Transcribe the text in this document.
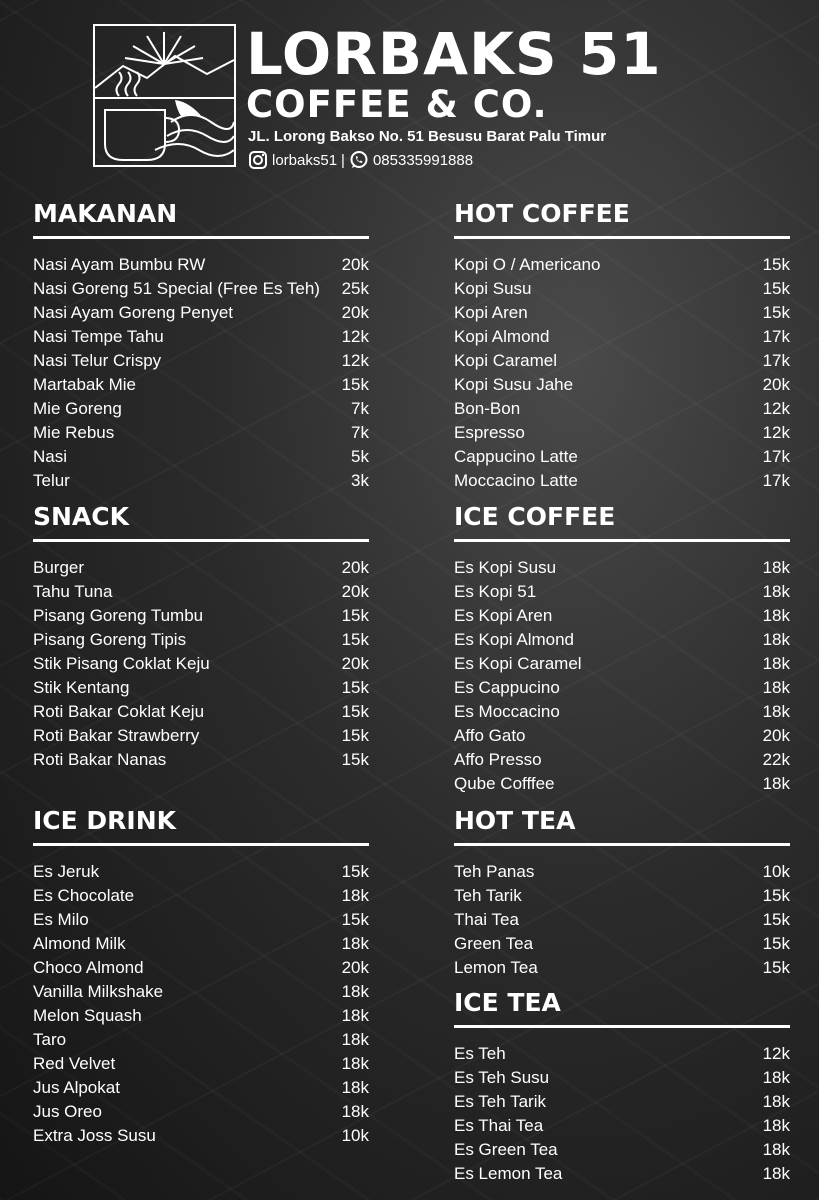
LORBAKS 51
COFFEE & CO.
JL. Lorong Bakso No. 51 Besusu Barat Palu Timur
lorbaks51 | 085335991888
MAKANAN
Nasi Ayam Bumbu RW	20k
Nasi Goreng 51 Special (Free Es Teh) 25k
Nasi Ayam Goreng Penyet	20k
Nasi Tempe Tahu	12k
Nasi Telur Crispy	12k
Martabak Mie	15k
Mie Goreng	7k
Mie Rebus	7k
Nasi	5k
Telur	3k
SNACK
Burger	20k
Tahu Tuna	20k
Pisang Goreng Tumbu	15k
Pisang Goreng Tipis	15k
Stik Pisang Coklat Keju	20k
Stik Kentang	15k
Roti Bakar Coklat Keju	15k
Roti Bakar Strawberry	15k
Roti Bakar Nanas	15k
ICE DRINK
Es Jeruk	15k
Es Chocolate	18k
Es Milo	15k
Almond Milk	18k
Choco Almond	20k
Vanilla Milkshake	18k
Melon Squash	18k
Taro	18k
Red Velvet	18k
Jus Alpokat	18k
Jus Oreo	18k
Extra Joss Susu	10k
HOT COFFEE
Kopi O / Americano	15k
Kopi Susu	15k
Kopi Aren	15k
Kopi Almond	17k
Kopi Caramel	17k
Kopi Susu Jahe	20k
Bon-Bon	12k
Espresso	12k
Cappucino Latte	17k
Moccacino Latte	17k
ICE COFFEE
Es Kopi Susu	18k
Es Kopi 51	18k
Es Kopi Aren	18k
Es Kopi Almond	18k
Es Kopi Caramel	18k
Es Cappucino	18k
Es Moccacino	18k
Affo Gato	20k
Affo Presso	22k
Qube Cofffee	18k
HOT TEA
Teh Panas	10k
Teh Tarik	15k
Thai Tea	15k
Green Tea	15k
Lemon Tea	15k
ICE TEA
Es Teh	12k
Es Teh Susu	18k
Es Teh Tarik	18k
Es Thai Tea	18k
Es Green Tea	18k
Es Lemon Tea	18k
